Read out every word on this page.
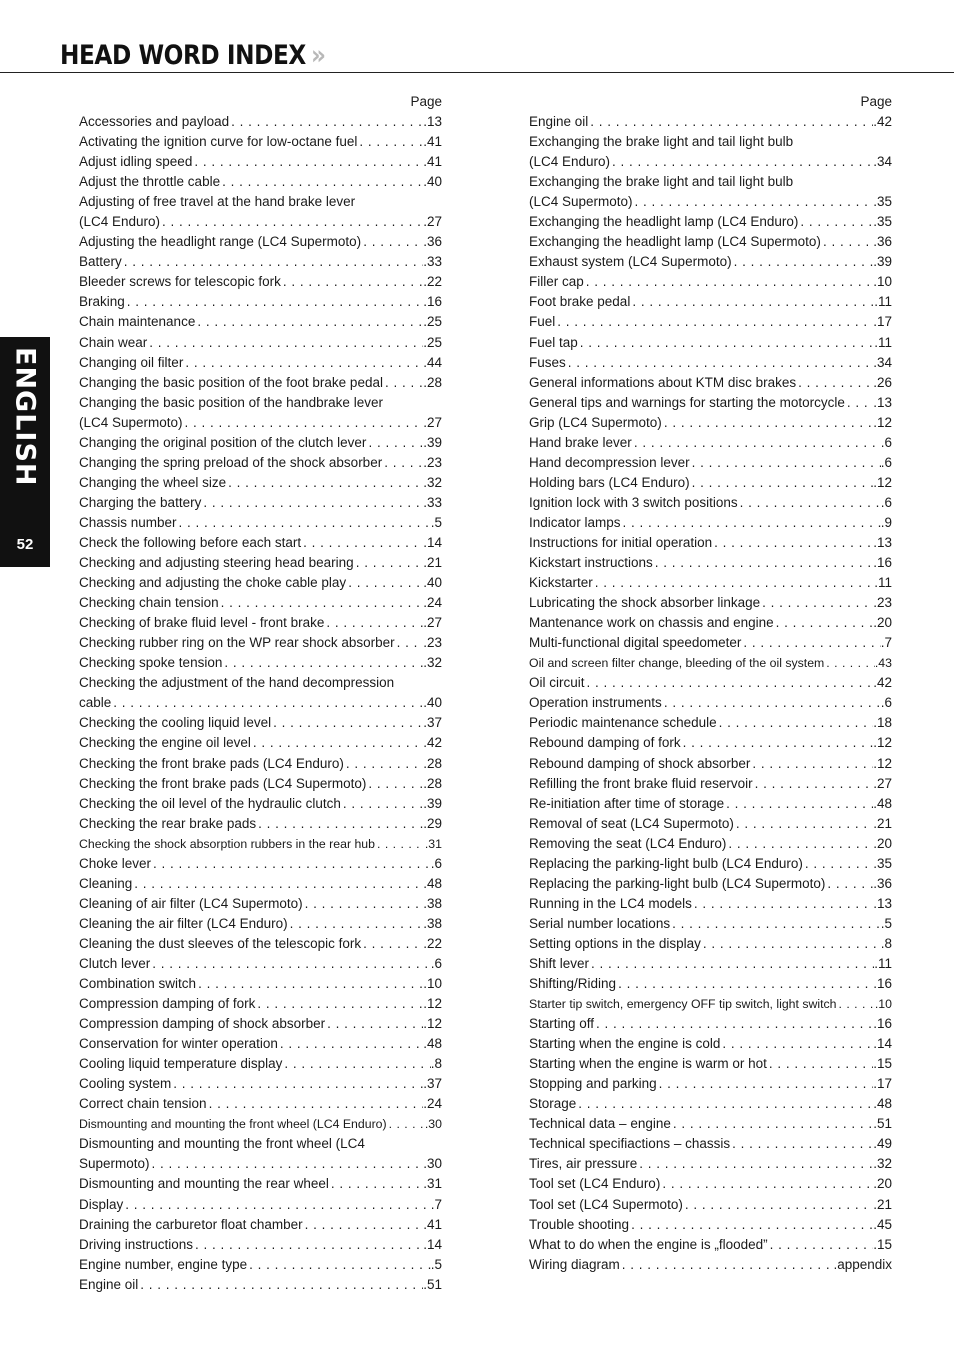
HEAD WORD INDEX »
ENGLISH
52
Page
Accessories and payload . . .	.13
Activating the ignition curve for low-octane fuel . . .	.41
Adjust idling speed . . .	.41
Adjust the throttle cable . . .	.40
Adjusting of free travel at the hand brake lever
(LC4 Enduro) . . .	.27
Adjusting the headlight range (LC4 Supermoto) . . .	.36
Battery . . .	.33
Bleeder screws for telescopic fork . . .	.22
Braking . . .	.16
Chain maintenance . . .	.25
Chain wear . . .	.25
Changing oil filter . . .	.44
Changing the basic position of the foot brake pedal . . .	.28
Changing the basic position of the handbrake lever
(LC4 Supermoto) . . .	.27
Changing the original position of the clutch lever . . .	.39
Changing the spring preload of the shock absorber . . .	.23
Changing the wheel size . . .	.32
Charging the battery . . .	.33
Chassis number . . .	.5
Check the following before each start . . .	.14
Checking and adjusting steering head bearing . . .	.21
Checking and adjusting the choke cable play . . .	.40
Checking chain tension . . .	.24
Checking of brake fluid level - front brake . . .	.27
Checking rubber ring on the WP rear shock absorber . . . .23
Checking spoke tension . . .	.32
Checking the adjustment of the hand decompression
cable . . .	.40
Checking the cooling liquid level . . .	.37
Checking the engine oil level . . .	.42
Checking the front brake pads (LC4 Enduro) . . .	.28
Checking the front brake pads (LC4 Supermoto) . . .	.28
Checking the oil level of the hydraulic clutch . . .	.39
Checking the rear brake pads . . .	.29
Checking the shock absorption rubbers in the rear hub . . .	.31
Choke lever . . .	.6
Cleaning . . .	.48
Cleaning of air filter (LC4 Supermoto) . . .	.38
Cleaning the air filter (LC4 Enduro) . . .	.38
Cleaning the dust sleeves of the telescopic fork . . .	.22
Clutch lever . . .	.6
Combination switch . . .	.10
Compression damping of fork . . .	.12
Compression damping of shock absorber . . .	.12
Conservation for winter operation . . .	.48
Cooling liquid temperature display . . .	.8
Cooling system . . .	.37
Correct chain tension . . .	.24
Dismounting and mounting the front wheel (LC4 Enduro) . . .	.30
Dismounting and mounting the front wheel (LC4
Supermoto) . . .	.30
Dismounting and mounting the rear wheel . . .	.31
Display . . .	.7
Draining the carburetor float chamber . . .	.41
Driving instructions . . .	.14
Engine number, engine type . . .	.5
Engine oil . . .	.51
Page
Engine oil . . .	.42
Exchanging the brake light and tail light bulb
(LC4 Enduro) . . .	.34
Exchanging the brake light and tail light bulb
(LC4 Supermoto) . . .	.35
Exchanging the headlight lamp (LC4 Enduro) . . .	.35
Exchanging the headlight lamp (LC4 Supermoto) . . .	.36
Exhaust system (LC4 Supermoto) . . .	.39
Filler cap . . .	.10
Foot brake pedal . . .	.11
Fuel . . .	.17
Fuel tap . . .	.11
Fuses . . .	.34
General informations about KTM disc brakes . . .	.26
General tips and warnings for starting the motorcycle . . . .13
Grip (LC4 Supermoto) . . .	.12
Hand brake lever . . .	.6
Hand decompression lever . . .	.6
Holding bars (LC4 Enduro) . . .	.12
Ignition lock with 3 switch positions . . .	.6
Indicator lamps . . .	.9
Instructions for initial operation . . .	.13
Kickstart instructions . . .	.16
Kickstarter . . .	.11
Lubricating the shock absorber linkage . . .	.23
Mantenance work on chassis and engine . . .	.20
Multi-functional digital speedometer . . .	.7
Oil and screen filter change, bleeding of the oil system . . .	.43
Oil circuit . . .	.42
Operation instruments . . .	.6
Periodic maintenance schedule . . .	.18
Rebound damping of fork . . .	.12
Rebound damping of shock absorber . . .	.12
Refilling the front brake fluid reservoir . . .	.27
Re-initiation after time of storage . . .	.48
Removal of seat (LC4 Supermoto) . . .	.21
Removing the seat (LC4 Enduro) . . .	.20
Replacing the parking-light bulb (LC4 Enduro) . . .	.35
Replacing the parking-light bulb (LC4 Supermoto) . . .	.36
Running in the LC4 models . . .	.13
Serial number locations . . .	.5
Setting options in the display . . .	.8
Shift lever . . .	.11
Shifting/Riding . . .	.16
Starter tip switch, emergency OFF tip switch, light switch . . .	.10
Starting off . . .	.16
Starting when the engine is cold . . .	.14
Starting when the engine is warm or hot . . .	.15
Stopping and parking . . .	.17
Storage . . .	.48
Technical data – engine . . .	.51
Technical specifiactions – chassis . . .	.49
Tires, air pressure . . .	.32
Tool set (LC4 Enduro) . . .	.20
Tool set (LC4 Supermoto) . . .	.21
Trouble shooting . . .	.45
What to do when the engine is „flooded” . . .	.15
Wiring diagram . . .	.appendix
